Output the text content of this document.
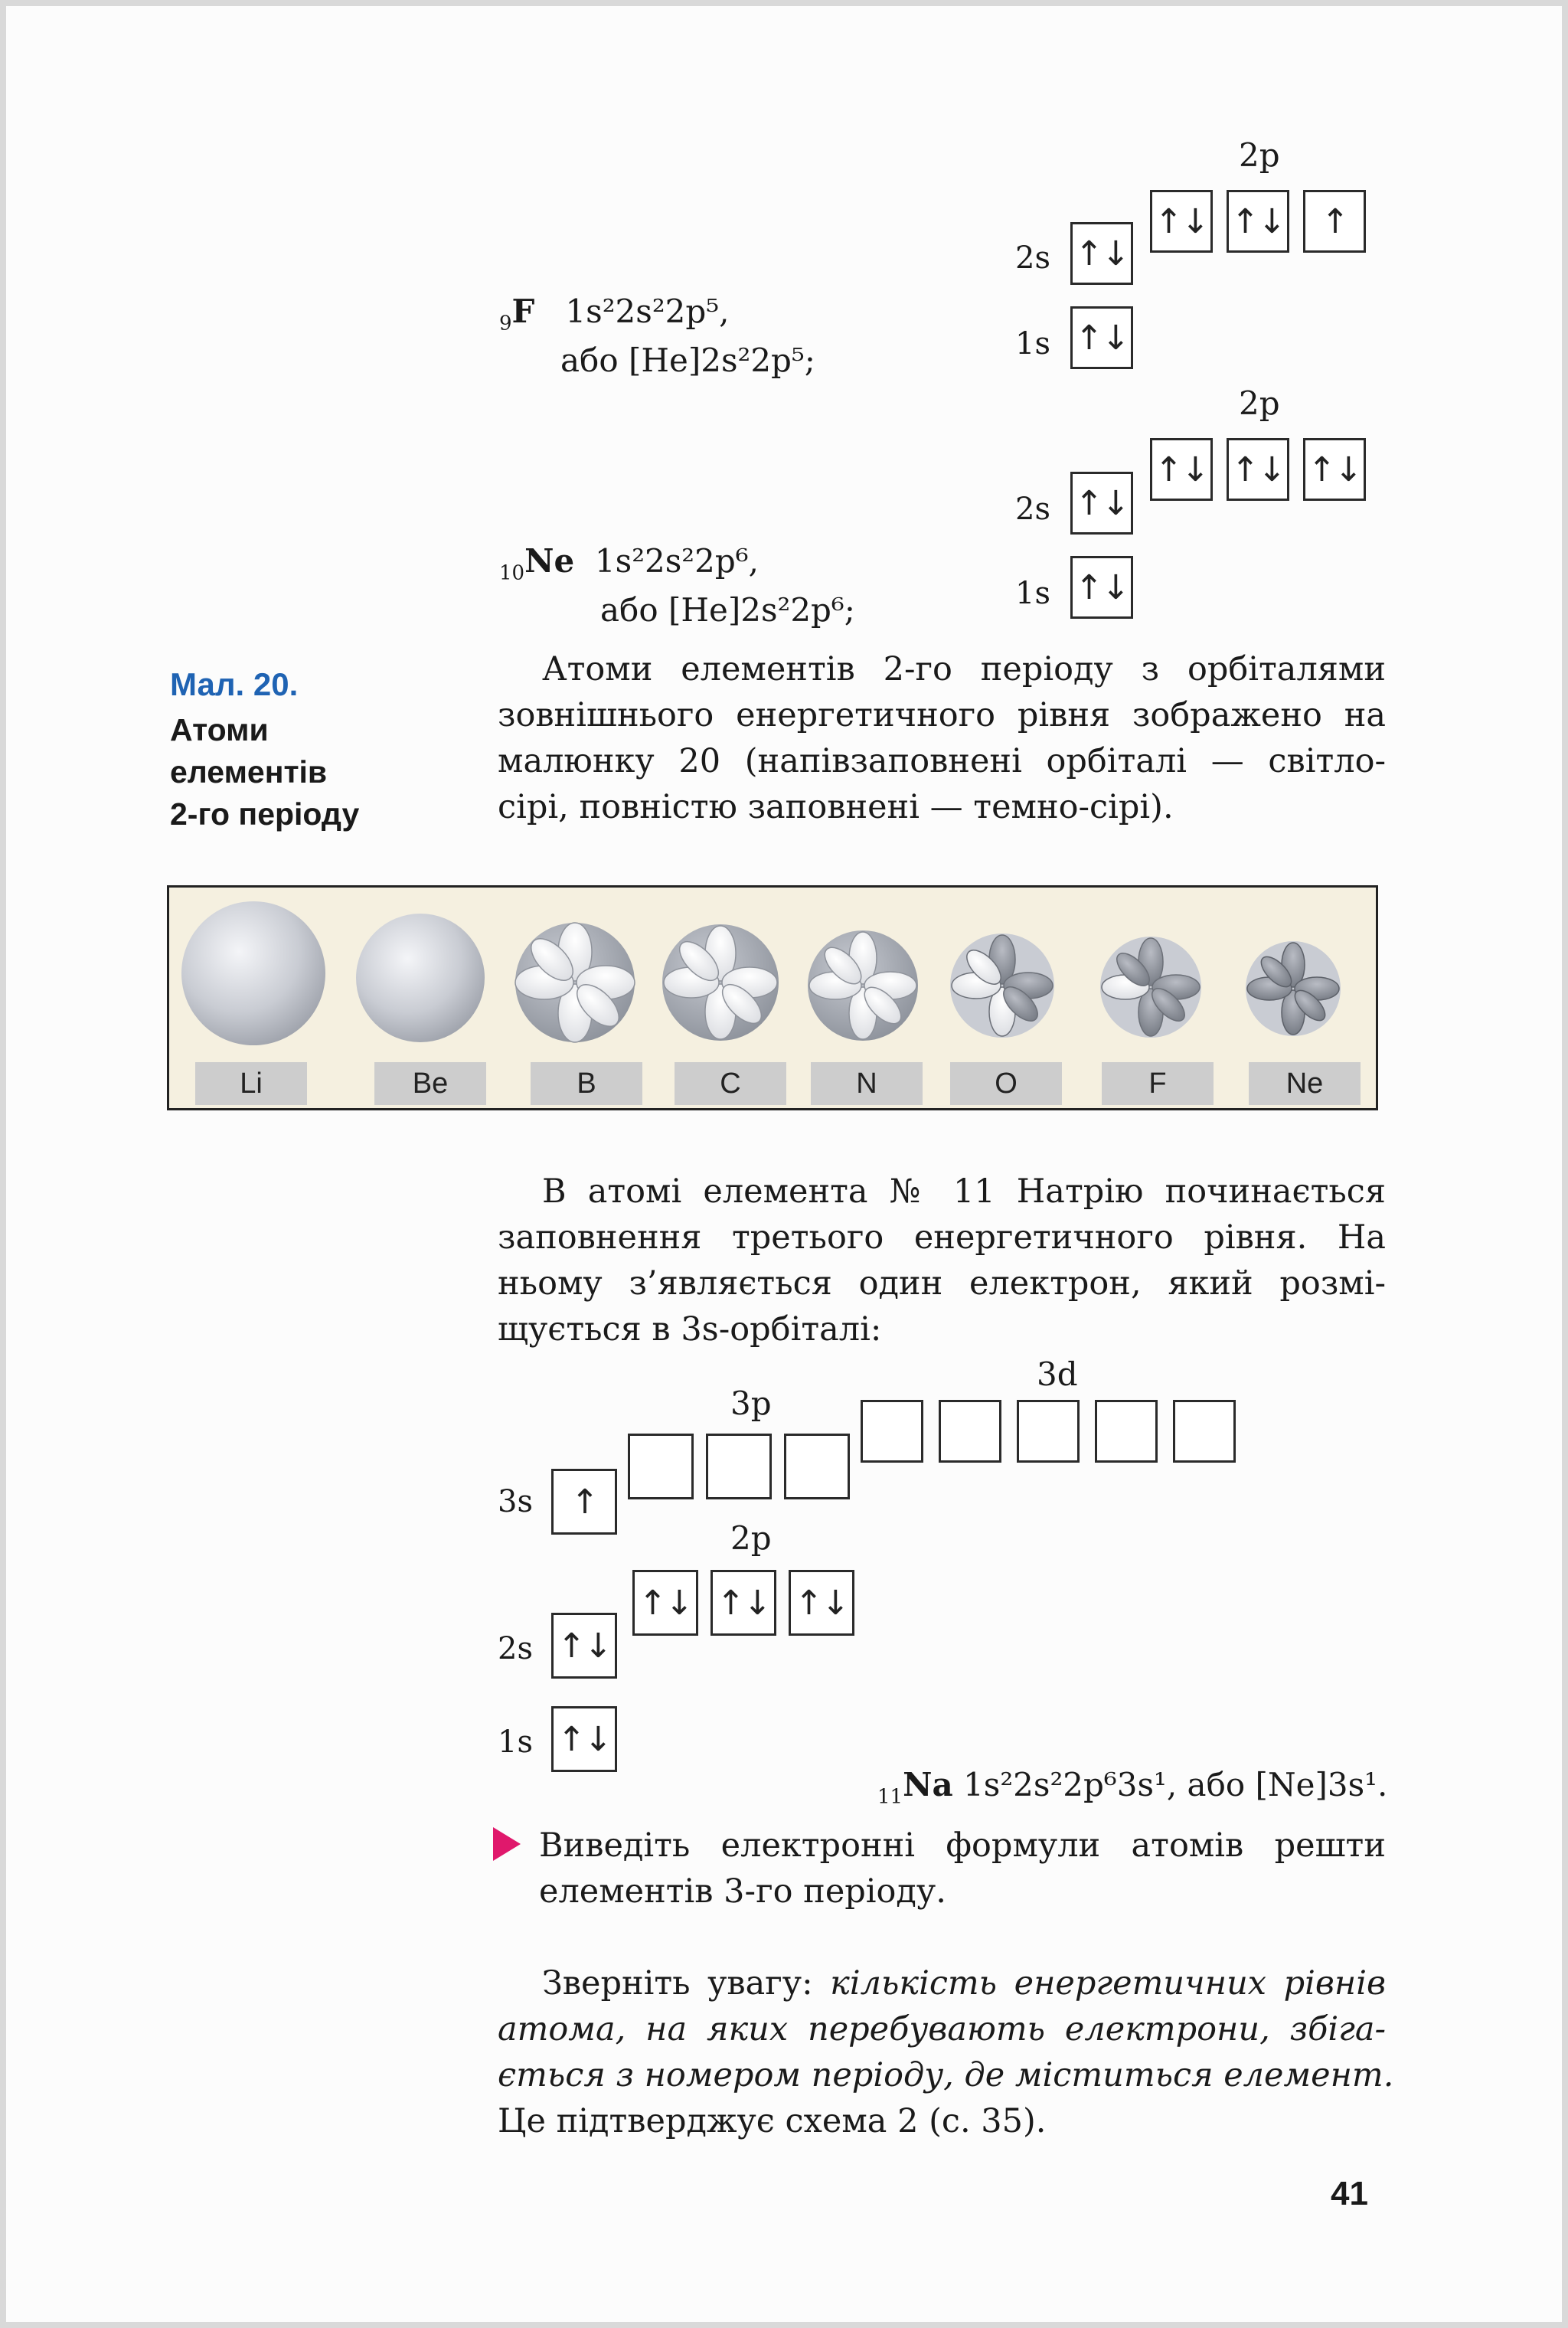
2p
↑↓ ↑↓	↑
2s ↑↓
1s ↑↓
$_9$F 1s²2s²2p⁵,
або [He]2s²2p⁵;
2p
↑↓ ↑↓ ↑↓
2s ↑↓
1s ↑↓
$_{10}$Ne 1s²2s²2p⁶,
або [He]2s²2p⁶;
Мал. 20.
Атоми
елементів
2-го періоду
Атоми елементів 2-го періоду з орбіталями
зовнішнього енергетичного рівня зображено на
малюнку 20 (напівзаповнені орбіталі — світло-
сірі, повністю заповнені — темно-сірі).
Li	Be	B	C	N	O	F	Ne
В атомі елемента № 11 Натрію починається
заповнення третього енергетичного рівня. На
ньому з’являється один електрон, який розмі-
щується в 3s-орбіталі:
3d
3p
3s	↑
2p
↑↓ ↑↓ ↑↓
2s ↑↓
1s ↑↓
$_{11}$Na 1s²2s²2p⁶3s¹, або [Ne]3s¹.
Виведіть електронні формули атомів решти
елементів 3-го періоду.
Зверніть увагу: кількість енергетичних рівнів
атома, на яких перебувають електрони, збіга-
ється з номером періоду, де міститься елемент.
Це підтверджує схема 2 (с. 35).
41
